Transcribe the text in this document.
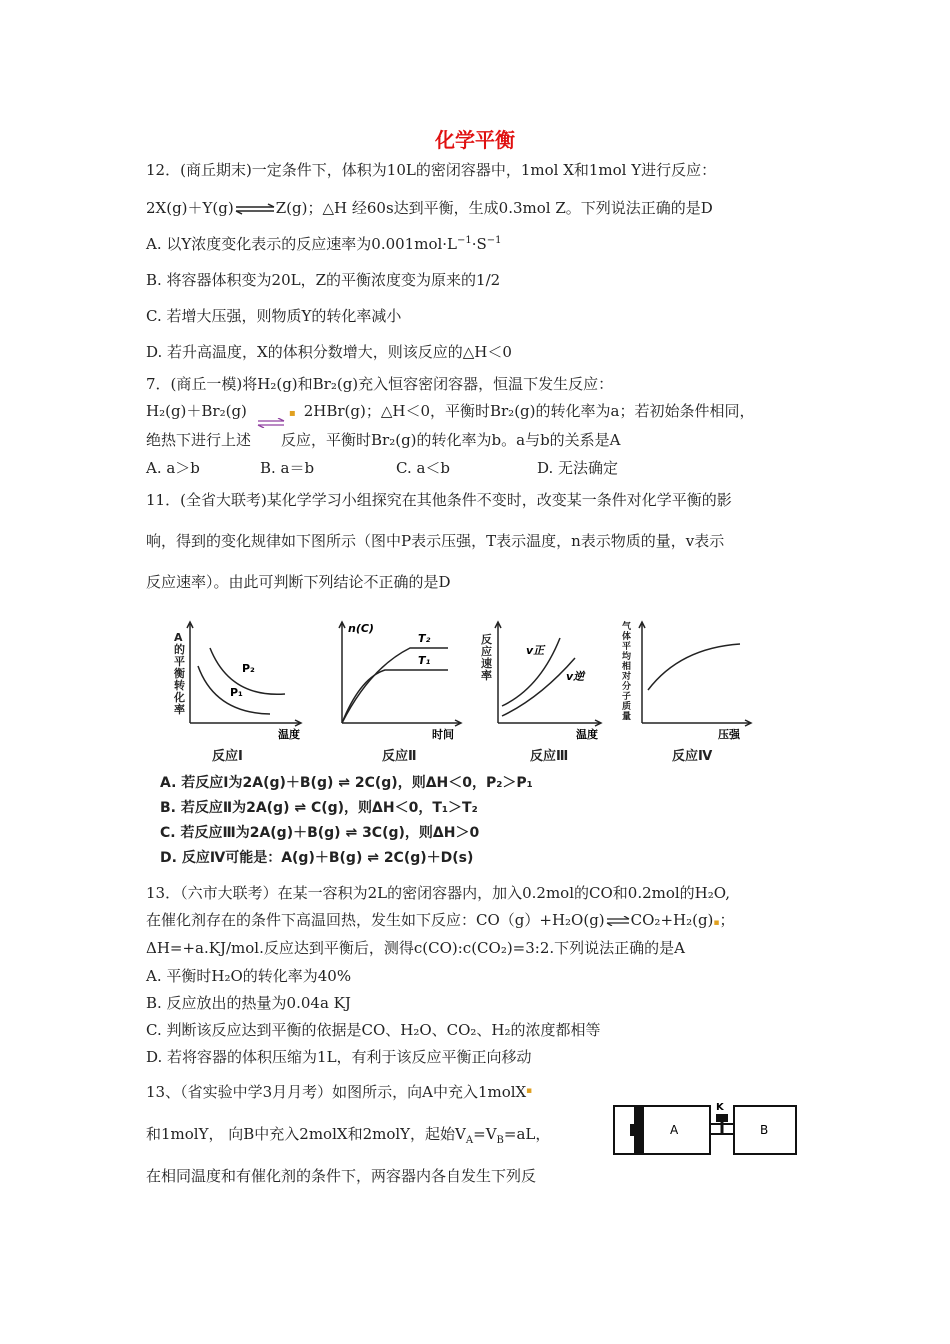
化学平衡
12．(商丘期末)一定条件下，体积为10L的密闭容器中，1mol X和1mol Y进行反应：
2X(g)＋Y(g)⇌Z(g)；△H 经60s达到平衡，生成0.3mol Z。下列说法正确的是D
A. 以Y浓度变化表示的反应速率为$0.001mol\cdot L^{-1}\cdot S^{-1}$
B. 将容器体积变为20L，Z的平衡浓度变为原来的1/2
C. 若增大压强，则物质Y的转化率减小
D. 若升高温度，X的体积分数增大，则该反应的△H＜0
7．(商丘一模)将H₂(g)和Br₂(g)充入恒容密闭容器，恒温下发生反应：
H₂(g)＋Br₂(g)	▪ 2HBr(g)；△H＜0，平衡时Br₂(g)的转化率为a；若初始条件相同，
绝热下进行上述 反应，平衡时Br₂(g)的转化率为b。a与b的关系是A
A. a＞b	B. a＝b	C. a＜b	D. 无法确定
11．(全省大联考)某化学学习小组探究在其他条件不变时，改变某一条件对化学平衡的影
响，得到的变化规律如下图所示（图中P表示压强，T表示温度，n表示物质的量，v表示
反应速率）。由此可判断下列结论不正确的是D
P₂
P₁
温度
A的平衡转化率
n(C)
T₂
T₁
时间
v正
v逆
温度
反应速率
压强
气体平均相对分子质量
反应Ⅰ	反应Ⅱ	反应Ⅲ	反应Ⅳ
A. 若反应Ⅰ为2A(g)＋B(g) ⇌ 2C(g)，则ΔH＜0，P₂＞P₁
B. 若反应Ⅱ为2A(g) ⇌ C(g)，则ΔH＜0，T₁＞T₂
C. 若反应Ⅲ为2A(g)＋B(g) ⇌ 3C(g)，则ΔH＞0
D. 反应Ⅳ可能是：A(g)＋B(g) ⇌ 2C(g)＋D(s)
13．（六市大联考）在某一容积为2L的密闭容器内，加入0.2mol的CO和0.2mol的H₂O,
在催化剂存在的条件下高温回热，发生如下反应：CO（g）+H₂O(g)⇌CO₂+H₂(g)▪；
ΔH=+a.KJ/mol.反应达到平衡后，测得c(CO):c(CO₂)=3:2.下列说法正确的是A
A. 平衡时H₂O的转化率为40%
B. 反应放出的热量为0.04a KJ
C. 判断该反应达到平衡的依据是CO、H₂O、CO₂、H₂的浓度都相等
D. 若将容器的体积压缩为1L，有利于该反应平衡正向移动
13、（省实验中学3月月考）如图所示，向A中充入1molX ▪
和1molY， 向B中充入2molX和2molY，起始$V_A=V_B=aL$，
在相同温度和有催化剂的条件下，两容器内各自发生下列反
A
K
B
